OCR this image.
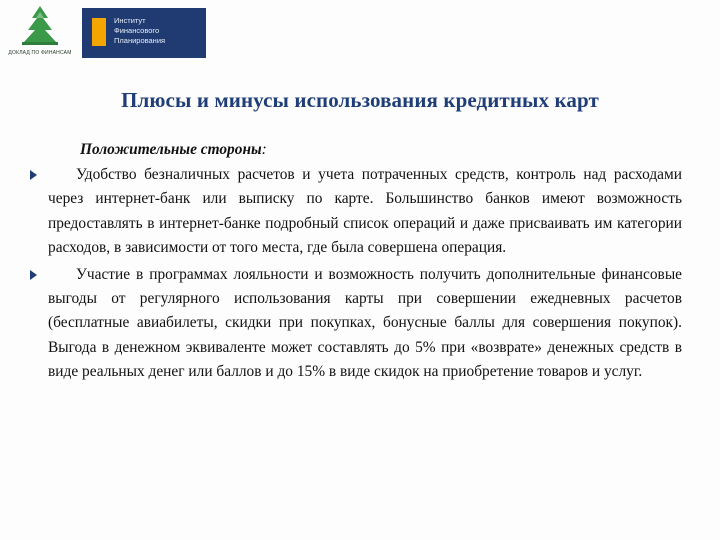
ДОКЛАД ПО ФИНАНСАМ
Институт
Финансового
Планирования
Плюсы и минусы использования кредитных карт
Положительные стороны:

Удобство безналичных расчетов и учета потраченных средств, контроль над расходами через интернет-банк или выписку по карте. Большинство банков имеют возможность предоставлять в интернет-банке подробный список операций и даже присваивать им категории расходов, в зависимости от того места, где была совершена операция.

Участие в программах лояльности и возможность получить дополнительные финансовые выгоды от регулярного использования карты при совершении ежедневных расчетов (бесплатные авиабилеты, скидки при покупках, бонусные баллы для совершения покупок). Выгода в денежном эквиваленте может составлять до 5% при «возврате» денежных средств в виде реальных денег или баллов и до 15% в виде скидок на приобретение товаров и услуг.
